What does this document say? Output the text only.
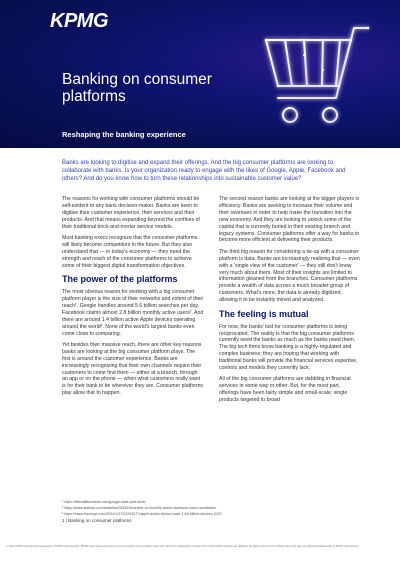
KPMG
Banking on consumer platforms
Reshaping the banking experience
Banks are looking to digitise and expand their offerings. And the big consumer platforms are looking to collaborate with banks. Is your organization ready to engage with the likes of Google, Apple, Facebook and others? And do you know how to turn these relationships into sustainable customer value?

The reasons for working with consumer platforms should be self-evident to any bank decision-maker. Banks are keen to digitise their customer experience, their services and their products. And that means expanding beyond the confines of their traditional brick-and-mortar service models.

Most banking execs recognize that the consumer platforms will likely become competitors in the future. But they also understand that — in today's economy — they need the strength and reach of the consumer platforms to achieve some of their biggest digital transformation objectives.

The power of the platforms

The most obvious reason for working with a big consumer platform player is the size of their networks and extent of their reach¹. Google handles around 5.6 billion searches per day. Facebook claims almost 2.8 billion monthly active users². And there are around 1.4 billion active Apple devices operating around the world³. None of the world's largest banks even come close to comparing.

Yet besides their massive reach, there are other key reasons banks are looking at the big consumer platform plays. The first is around the customer experience. Banks are increasingly recognizing that their own channels require their customers to come find them — either at a branch, through an app or on the phone — when what customers really want is for their bank to be wherever they are. Consumer platforms play allow that to happen.

The second reason banks are looking at the bigger players is efficiency. Banks are seeking to increase their volume and their revenues in order to help make the transition into the new economy. And they are looking to unlock some of the capital that is currently buried in their existing branch and legacy systems. Consumer platforms offer a way for banks to become more efficient at delivering their products.

The third big reason for considering a tie-up with a consumer platform is data. Banks are increasingly realizing that — even with a 'single view of the customer' — they still don't know very much about them. Most of their insights are limited to information gleaned from the branches. Consumer platforms provide a wealth of data across a much broader group of customers. What's more, the data is already digitized, allowing it to be instantly mined and analyzed.

The feeling is mutual

For now, the banks' lust for consumer platforms is being reciprocated. The reality is that the big consumer platforms currently need the banks as much as the banks need them. The big tech firms know banking is a highly-regulated and complex business; they are hoping that working with traditional banks will provide the financial services expertise, controls and models they currently lack.

All of the big consumer platforms are dabbling in financial services in some way or other. But, for the most part, offerings have been fairly simple and small-scale; single products targeted to broad

¹ https://fitsmallbusiness.com/google-stats-and-facts/
² https://www.statista.com/statistics/264810/number-of-monthly-active-facebook-users-worldwide/
³ https://www.theverge.com/2021/1/27/22253277/apple-active-device-base-1-65-billion-devices-2020
1 | Banking on consumer platforms
© 2021 KPMG International Cooperative ("KPMG International"). KPMG International provides no client services and is a Swiss entity with which the independent member firms of the KPMG network are affiliated. All rights reserved. The KPMG name and logo are registered trademarks of KPMG International.
